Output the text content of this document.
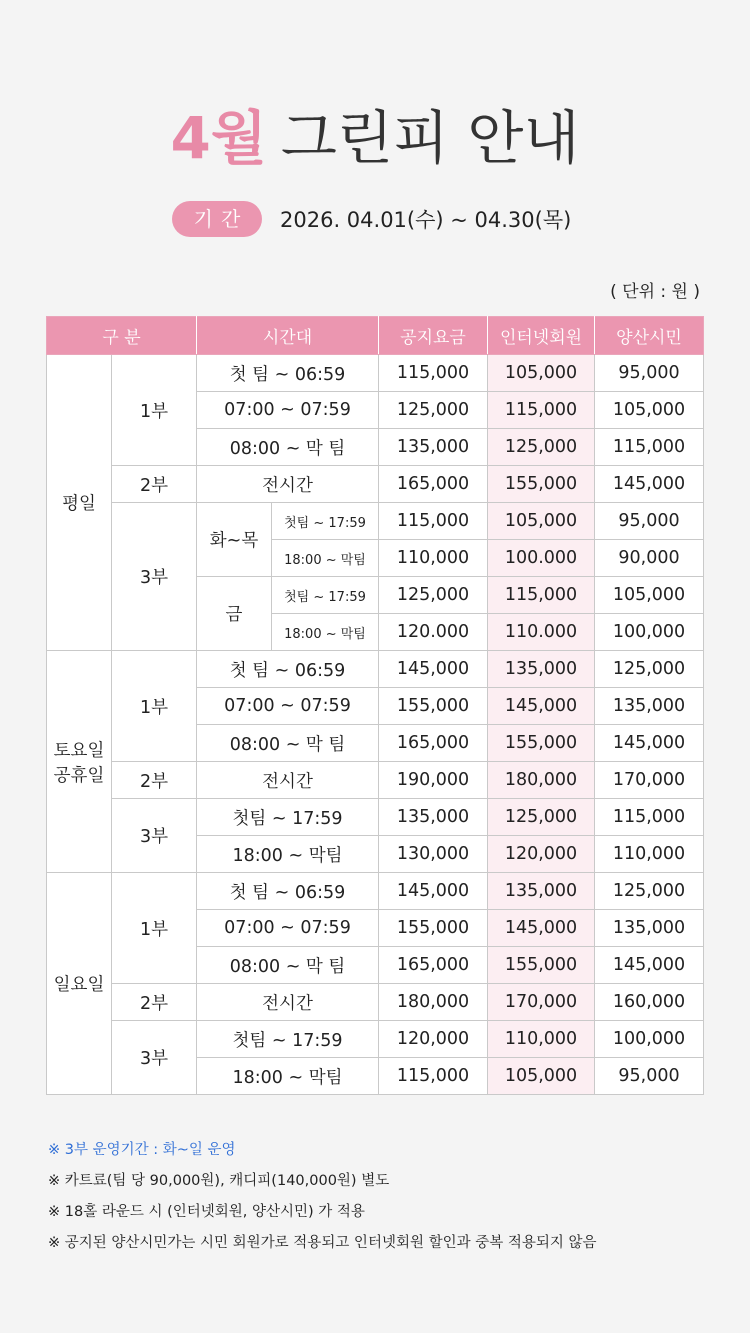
4월 그린피 안내
기간	2026. 04.01(수) ~ 04.30(목)
( 단위 : 원 )
구 분		시간대		공지요금	인터넷회원	양산시민
평일	1부	첫 팀 ~ 06:59		115,000	105,000	95,000
		07:00 ~ 07:59		125,000	115,000	105,000
		08:00 ~ 막 팀		135,000	125,000	115,000
	2부	전시간		165,000	155,000	145,000
	3부	화~목	첫팀 ~ 17:59	115,000	105,000	95,000
			18:00 ~ 막팀	110,000	100.000	90,000
		금	첫팀 ~ 17:59	125,000	115,000	105,000
			18:00 ~ 막팀	120.000	110.000	100,000

토요일
공휴일	1부	첫 팀 ~ 06:59		145,000	135,000	125,000
		07:00 ~ 07:59		155,000	145,000	135,000
		08:00 ~ 막 팀		165,000	155,000	145,000
	2부	전시간		190,000	180,000	170,000
	3부	첫팀 ~ 17:59		135,000	125,000	115,000
		18:00 ~ 막팀		130,000	120,000	110,000
일요일	1부	첫 팀 ~ 06:59		145,000	135,000	125,000
		07:00 ~ 07:59		155,000	145,000	135,000
		08:00 ~ 막 팀		165,000	155,000	145,000
	2부	전시간		180,000	170,000	160,000
	3부	첫팀 ~ 17:59		120,000	110,000	100,000
		18:00 ~ 막팀		115,000	105,000	95,000
※ 3부 운영기간 : 화~일 운영
※ 카트료(팀 당 90,000원), 캐디피(140,000원) 별도
※ 18홀 라운드 시 (인터넷회원, 양산시민) 가 적용
※ 공지된 양산시민가는 시민 회원가로 적용되고 인터넷회원 할인과 중복 적용되지 않음
